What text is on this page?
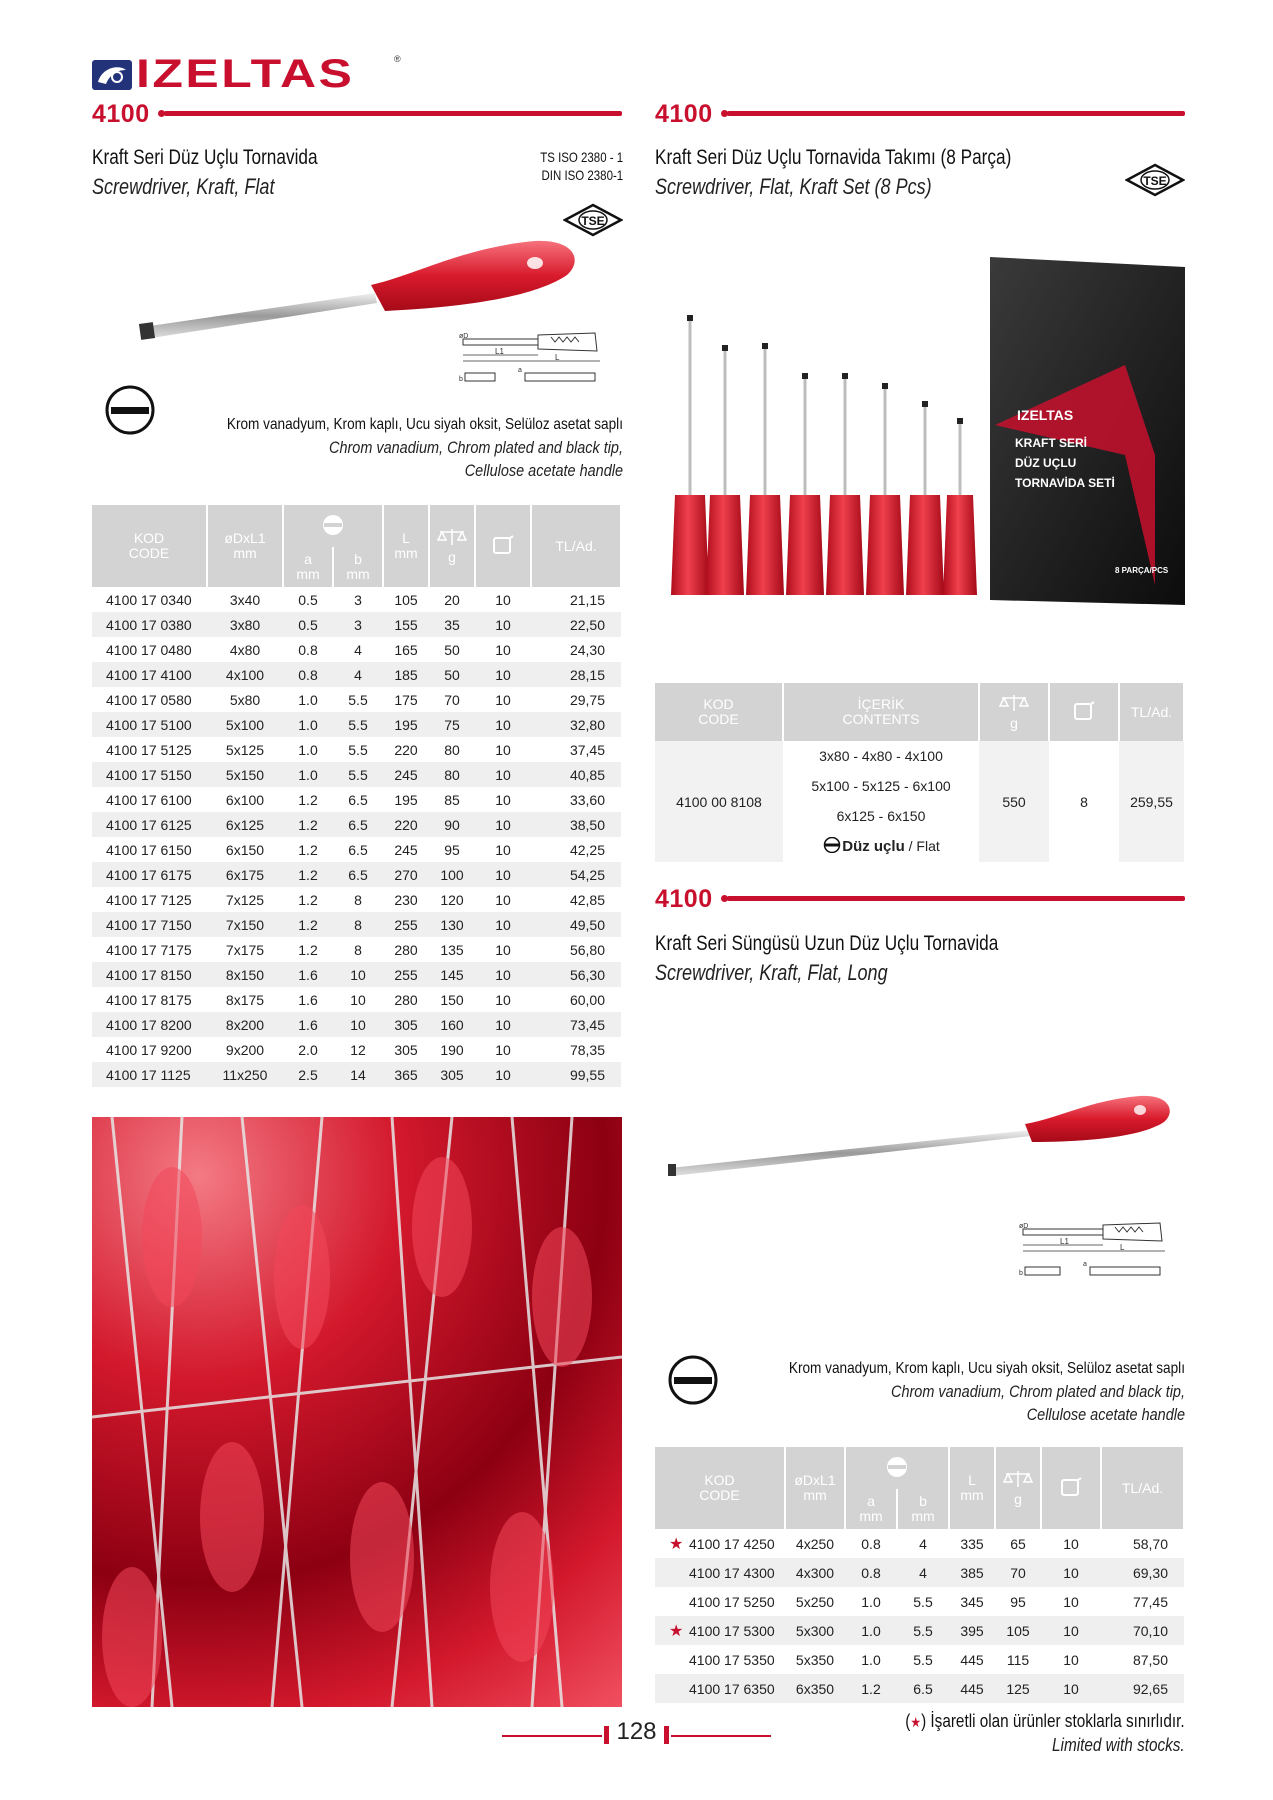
IZELTAS	®
4100
Kraft Seri Düz Uçlu Tornavida
Screwdriver, Kraft, Flat
TS ISO 2380 - 1
DIN ISO 2380-1
TSE
L1
L
øD
b
a
Krom vanadyum, Krom kaplı, Ucu siyah oksit, Selüloz asetat saplı
Chrom vanadium, Chrom plated and black tip,
Cellulose acetate handle
KOD
CODE	øDxL1
mm			L
mm	g		TL/Ad.
		a
mm	b
mm				
4100 17 0340	3x40	0.5	3	105	20	10	21,15
4100 17 0380	3x80	0.5	3	155	35	10	22,50
4100 17 0480	4x80	0.8	4	165	50	10	24,30
4100 17 4100	4x100	0.8	4	185	50	10	28,15
4100 17 0580	5x80	1.0	5.5	175	70	10	29,75
4100 17 5100	5x100	1.0	5.5	195	75	10	32,80
4100 17 5125	5x125	1.0	5.5	220	80	10	37,45
4100 17 5150	5x150	1.0	5.5	245	80	10	40,85
4100 17 6100	6x100	1.2	6.5	195	85	10	33,60
4100 17 6125	6x125	1.2	6.5	220	90	10	38,50
4100 17 6150	6x150	1.2	6.5	245	95	10	42,25
4100 17 6175	6x175	1.2	6.5	270	100	10	54,25
4100 17 7125	7x125	1.2	8	230	120	10	42,85
4100 17 7150	7x150	1.2	8	255	130	10	49,50
4100 17 7175	7x175	1.2	8	280	135	10	56,80
4100 17 8150	8x150	1.6	10	255	145	10	56,30
4100 17 8175	8x175	1.6	10	280	150	10	60,00
4100 17 8200	8x200	1.6	10	305	160	10	73,45
4100 17 9200	9x200	2.0	12	305	190	10	78,35
4100 17 1125	11x250	2.5	14	365	305	10	99,55
4100
Kraft Seri Düz Uçlu Tornavida Takımı (8 Parça)
Screwdriver, Flat, Kraft Set (8 Pcs)	TSE
IZELTAS
KRAFT SERİ
DÜZ UÇLU
TORNAVİDA SETİ
8 PARÇA/PCS
KOD
CODE	İÇERİK
CONTENTS	g		TL/Ad.
4100 00 8108	3x80 - 4x80 - 4x100
5x100 - 5x125 - 6x100
6x125 - 6x150
Düz uçlu / Flat	550	8	259,55
4100
Kraft Seri Süngüsü Uzun Düz Uçlu Tornavida
Screwdriver, Kraft, Flat, Long
L1
L
øD
b
a
Krom vanadyum, Krom kaplı, Ucu siyah oksit, Selüloz asetat saplı
Chrom vanadium, Chrom plated and black tip,
Cellulose acetate handle
KOD
CODE	øDxL1
mm			L
mm	g		TL/Ad.
		a
mm	b
mm				
★ 4100 17 4250	4x250	0.8	4	335	65	10	58,70
4100 17 4300	4x300	0.8	4	385	70	10	69,30
4100 17 5250	5x250	1.0	5.5	345	95	10	77,45
★ 4100 17 5300	5x300	1.0	5.5	395	105	10	70,10
4100 17 5350	5x350	1.0	5.5	445	115	10	87,50
4100 17 6350	6x350	1.2	6.5	445	125	10	92,65
128	(★) İşaretli olan ürünler stoklarla sınırlıdır.
Limited with stocks.
